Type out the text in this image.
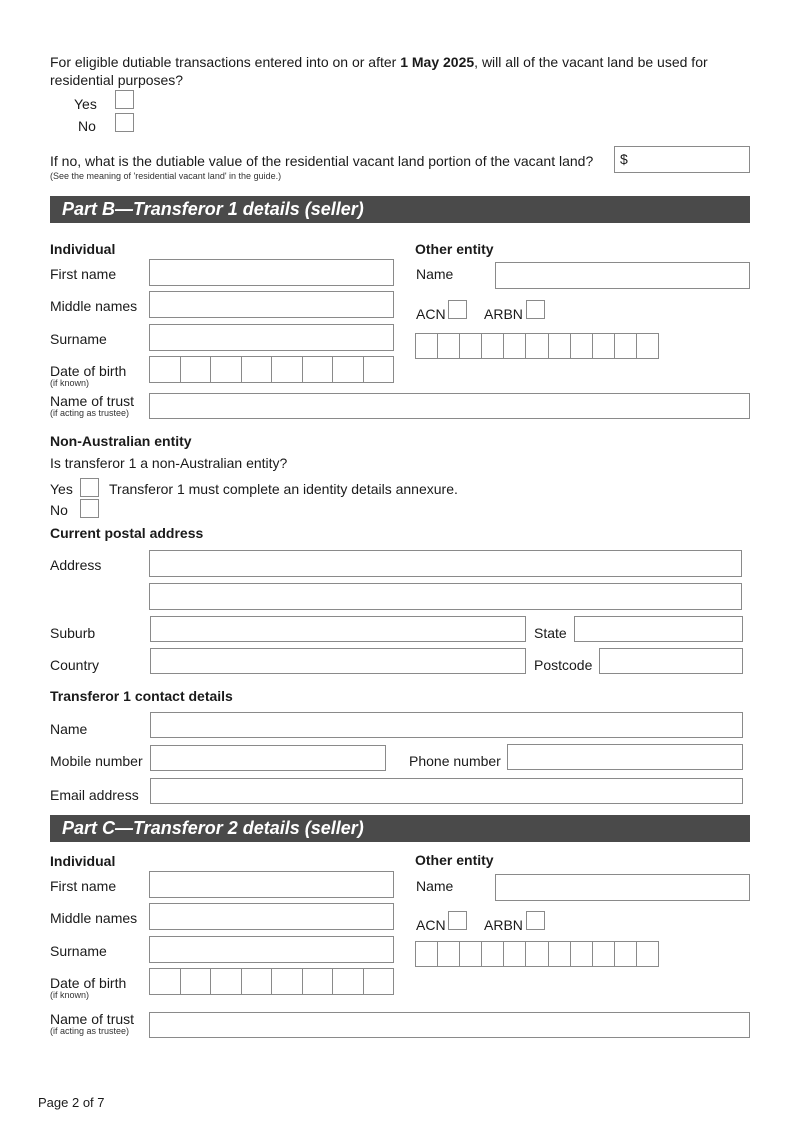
For eligible dutiable transactions entered into on or after 1 May 2025, will all of the vacant land be used for
residential purposes?
Yes
No
If no, what is the dutiable value of the residential vacant land portion of the vacant land?
(See the meaning of 'residential vacant land' in the guide.)
$
Part B—Transferor 1 details (seller)
Individual
First name
Middle names
Surname
Date of birth
(if known)
Name of trust
(if acting as trustee)
Other entity
Name
ACN	ARBN
Non-Australian entity
Is transferor 1 a non-Australian entity?
Yes	Transferor 1 must complete an identity details annexure.
No
Current postal address
Address
Suburb	State
Country	Postcode
Transferor 1 contact details
Name
Mobile number	Phone number
Email address
Part C—Transferor 2 details (seller)
Individual
First name
Middle names
Surname
Date of birth
(if known)
Name of trust
(if acting as trustee)
Other entity
Name
ACN	ARBN
Page 2 of 7
